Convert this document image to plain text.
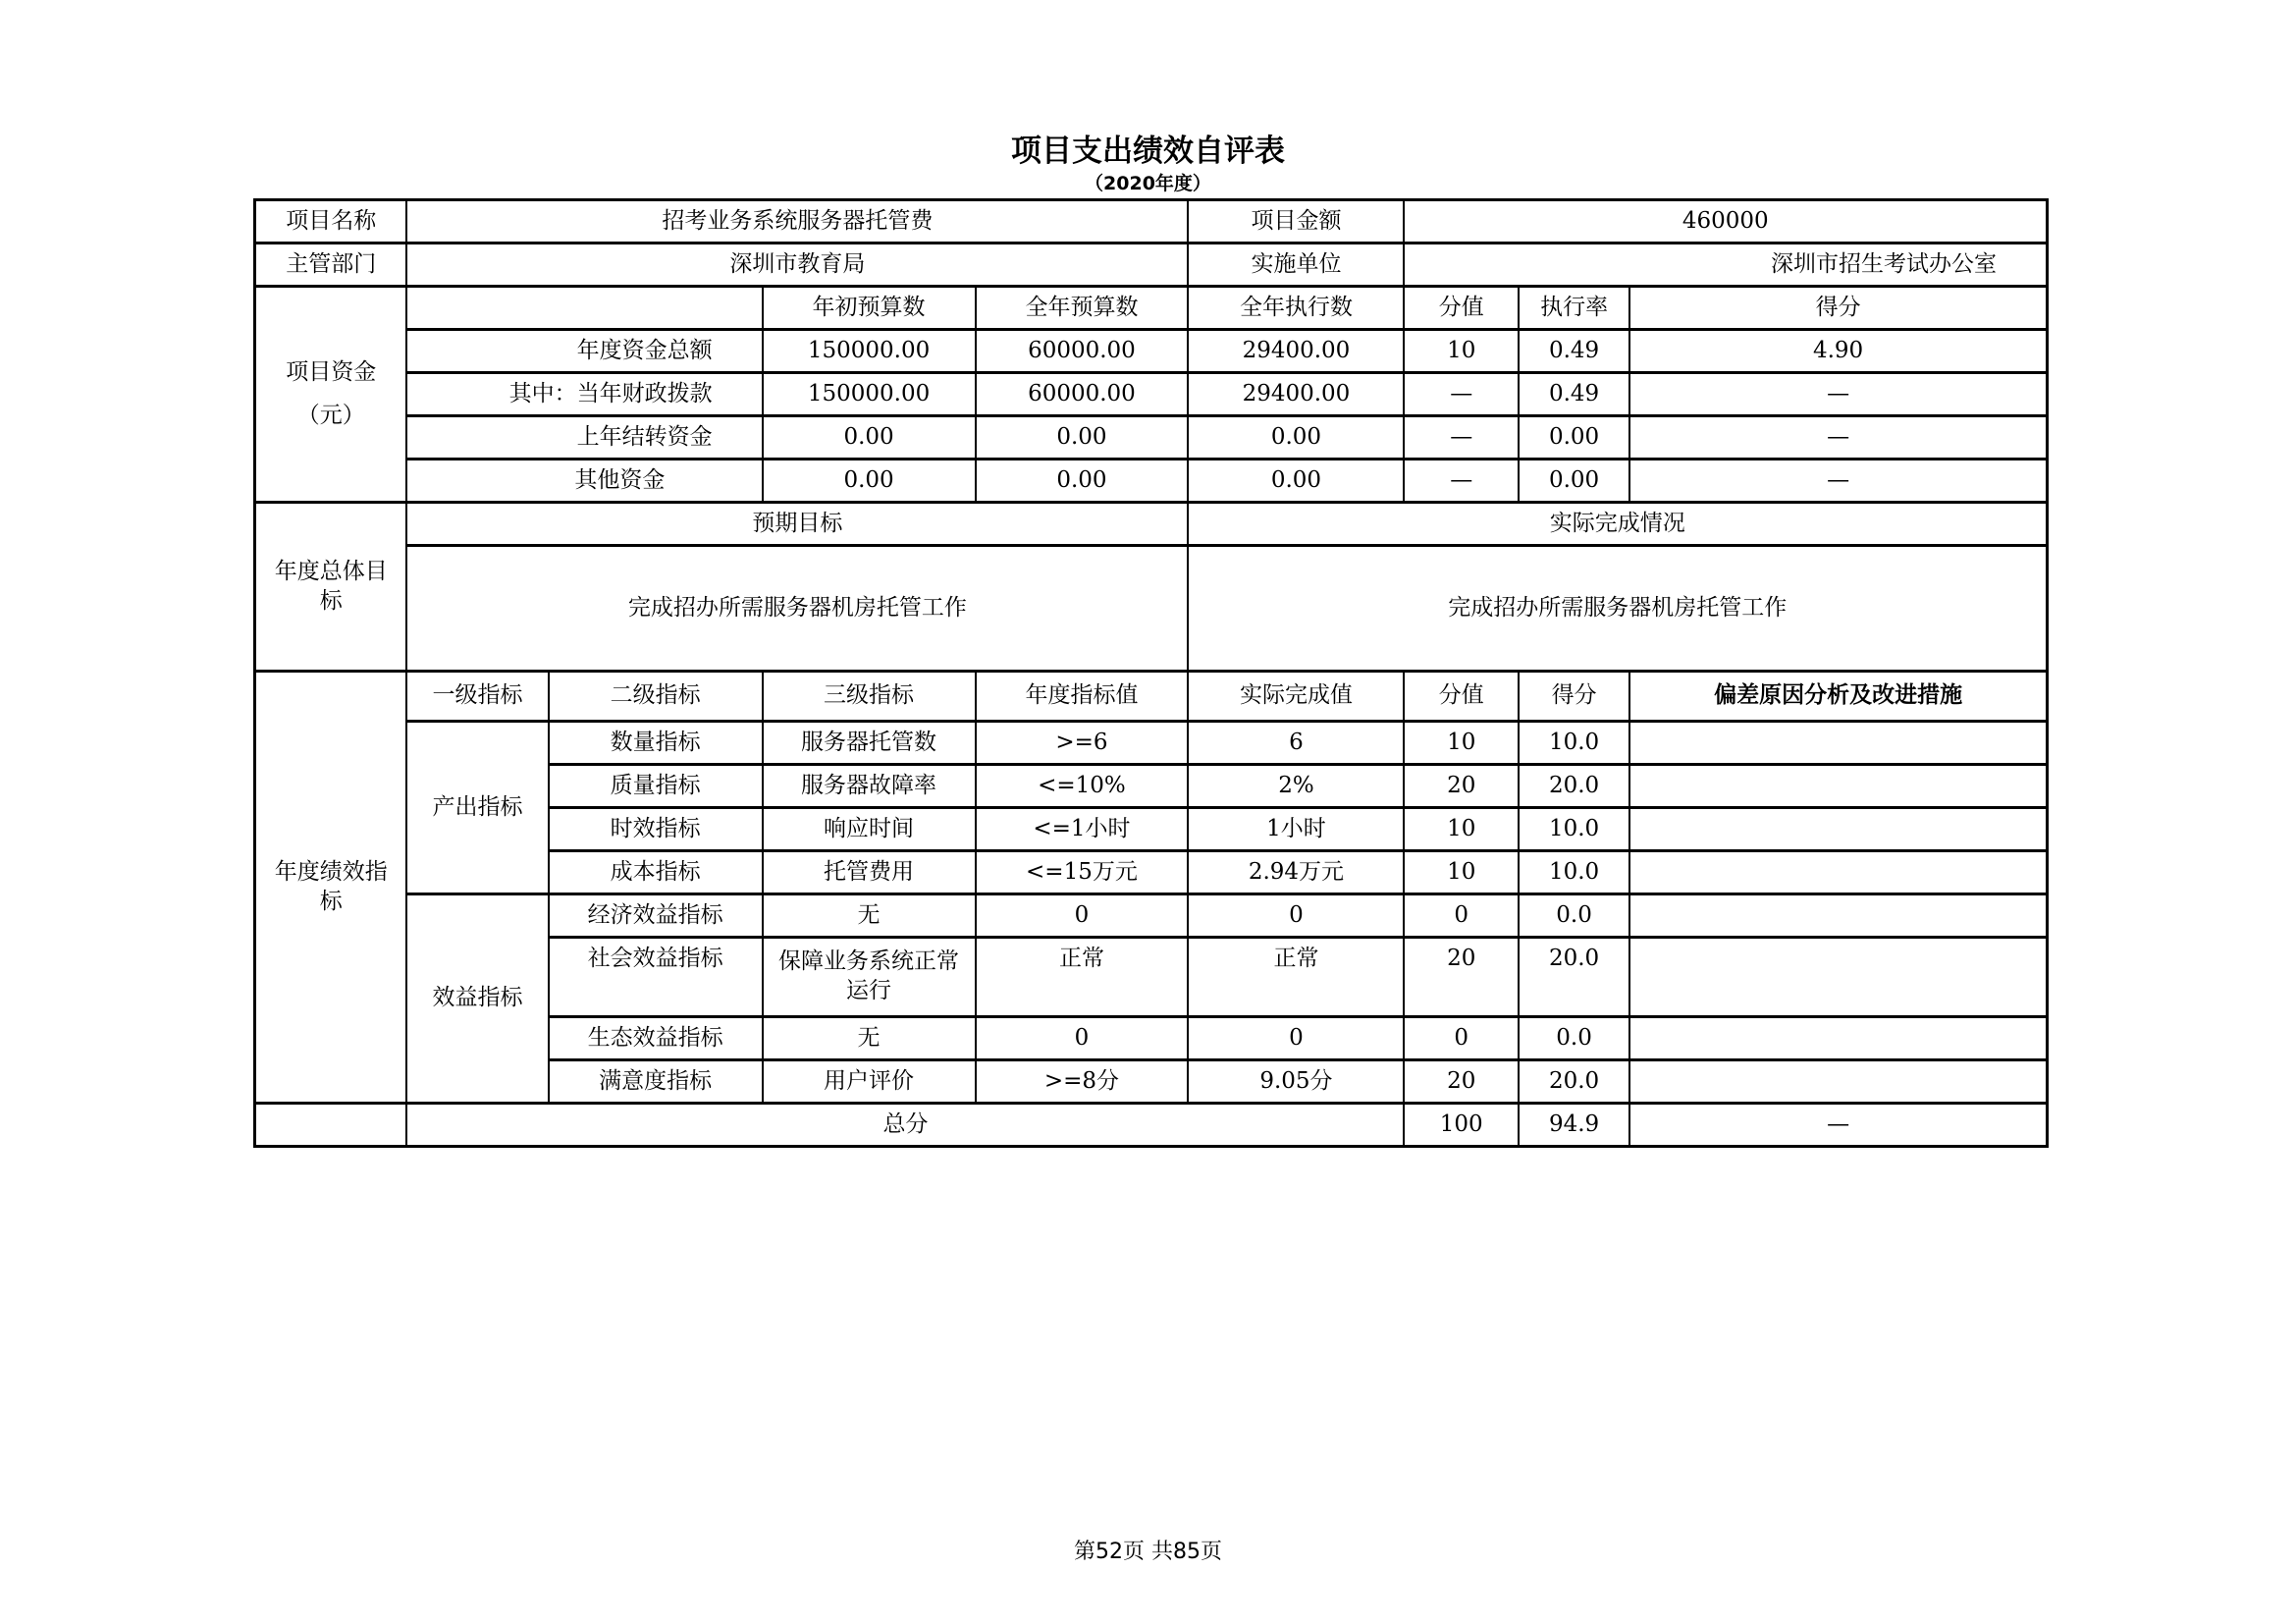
项目支出绩效自评表
（2020年度）
项目名称	招考业务系统服务器托管费				项目金额	460000		
主管部门	深圳市教育局				实施单位	深圳市招生考试办公室		
项目资金（元）			年初预算数	全年预算数	全年执行数	分值	执行率	得分
	年度资金总额		150000.00	60000.00	29400.00	10	0.49	4.90
	其中：当年财政拨款		150000.00	60000.00	29400.00	—	0.49	—
	上年结转资金		0.00	0.00	0.00	—	0.00	—
	其他资金		0.00	0.00	0.00	—	0.00	—
年度总体目标	预期目标				实际完成情况			
	完成招办所需服务器机房托管工作				完成招办所需服务器机房托管工作			
年度绩效指标	一级指标	二级指标	三级指标	年度指标值	实际完成值	分值	得分	偏差原因分析及改进措施
	产出指标	数量指标	服务器托管数	>=6	6	10	10.0	
		质量指标	服务器故障率	<=10%	2%	20	20.0	
		时效指标	响应时间	<=1小时	1小时	10	10.0	
		成本指标	托管费用	<=15万元	2.94万元	10	10.0	
	效益指标	经济效益指标	无	0	0	0	0.0	
		社会效益指标	保障业务系统正常运行	正常	正常	20	20.0	
		生态效益指标	无	0	0	0	0.0	
		满意度指标	用户评价	>=8分	9.05分	20	20.0	
	总分					100	94.9	—
第52页 共85页
